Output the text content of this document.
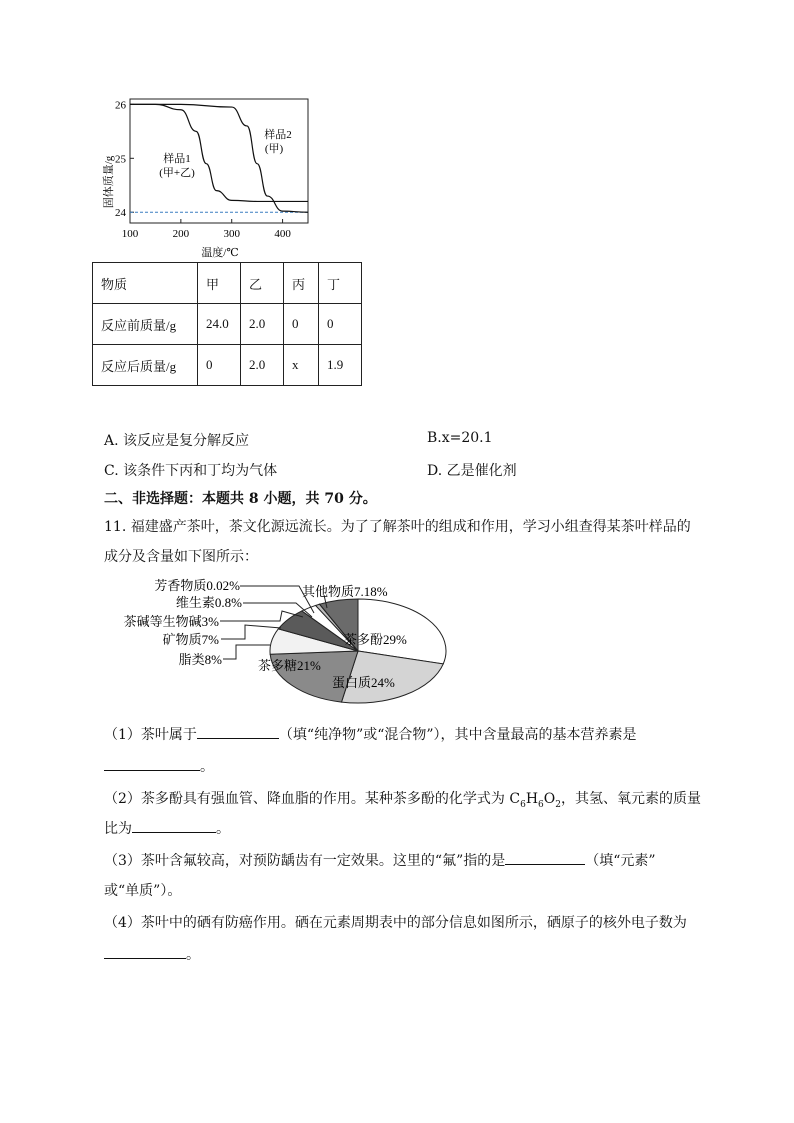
固体质量/g
温度/℃
100	200	300	400
24
25
26
样品1
(甲+乙)
样品2
(甲)
物质	甲	乙	丙	丁
反应前质量/g	24.0	2.0	0	0
反应后质量/g	0	2.0	x	1.9
A. 该反应是复分解反应	B.x=20.1
C. 该条件下丙和丁均为气体	D. 乙是催化剂
二、非选择题：本题共 8 小题，共 70 分。
11. 福建盛产茶叶，茶文化源远流长。为了了解茶叶的组成和作用，学习小组查得某茶叶样品的
成分及含量如下图所示：
芳香物质0.02%
维生素0.8%
茶碱等生物碱3%
矿物质7%
脂类8%
其他物质7.18%
茶多酚29%
蛋白质24%
茶多糖21%
（1）茶叶属于	（填“纯净物”或“混合物”），其中含量最高的基本营养素是
。
（2）茶多酚具有强血管、降血脂的作用。某种茶多酚的化学式为 $C_6H_6O_2$，其氢、氧元素的质量
比为	。
（3）茶叶含氟较高，对预防龋齿有一定效果。这里的“氟”指的是	（填“元素”
或“单质”）。
（4）茶叶中的硒有防癌作用。硒在元素周期表中的部分信息如图所示，硒原子的核外电子数为
。
